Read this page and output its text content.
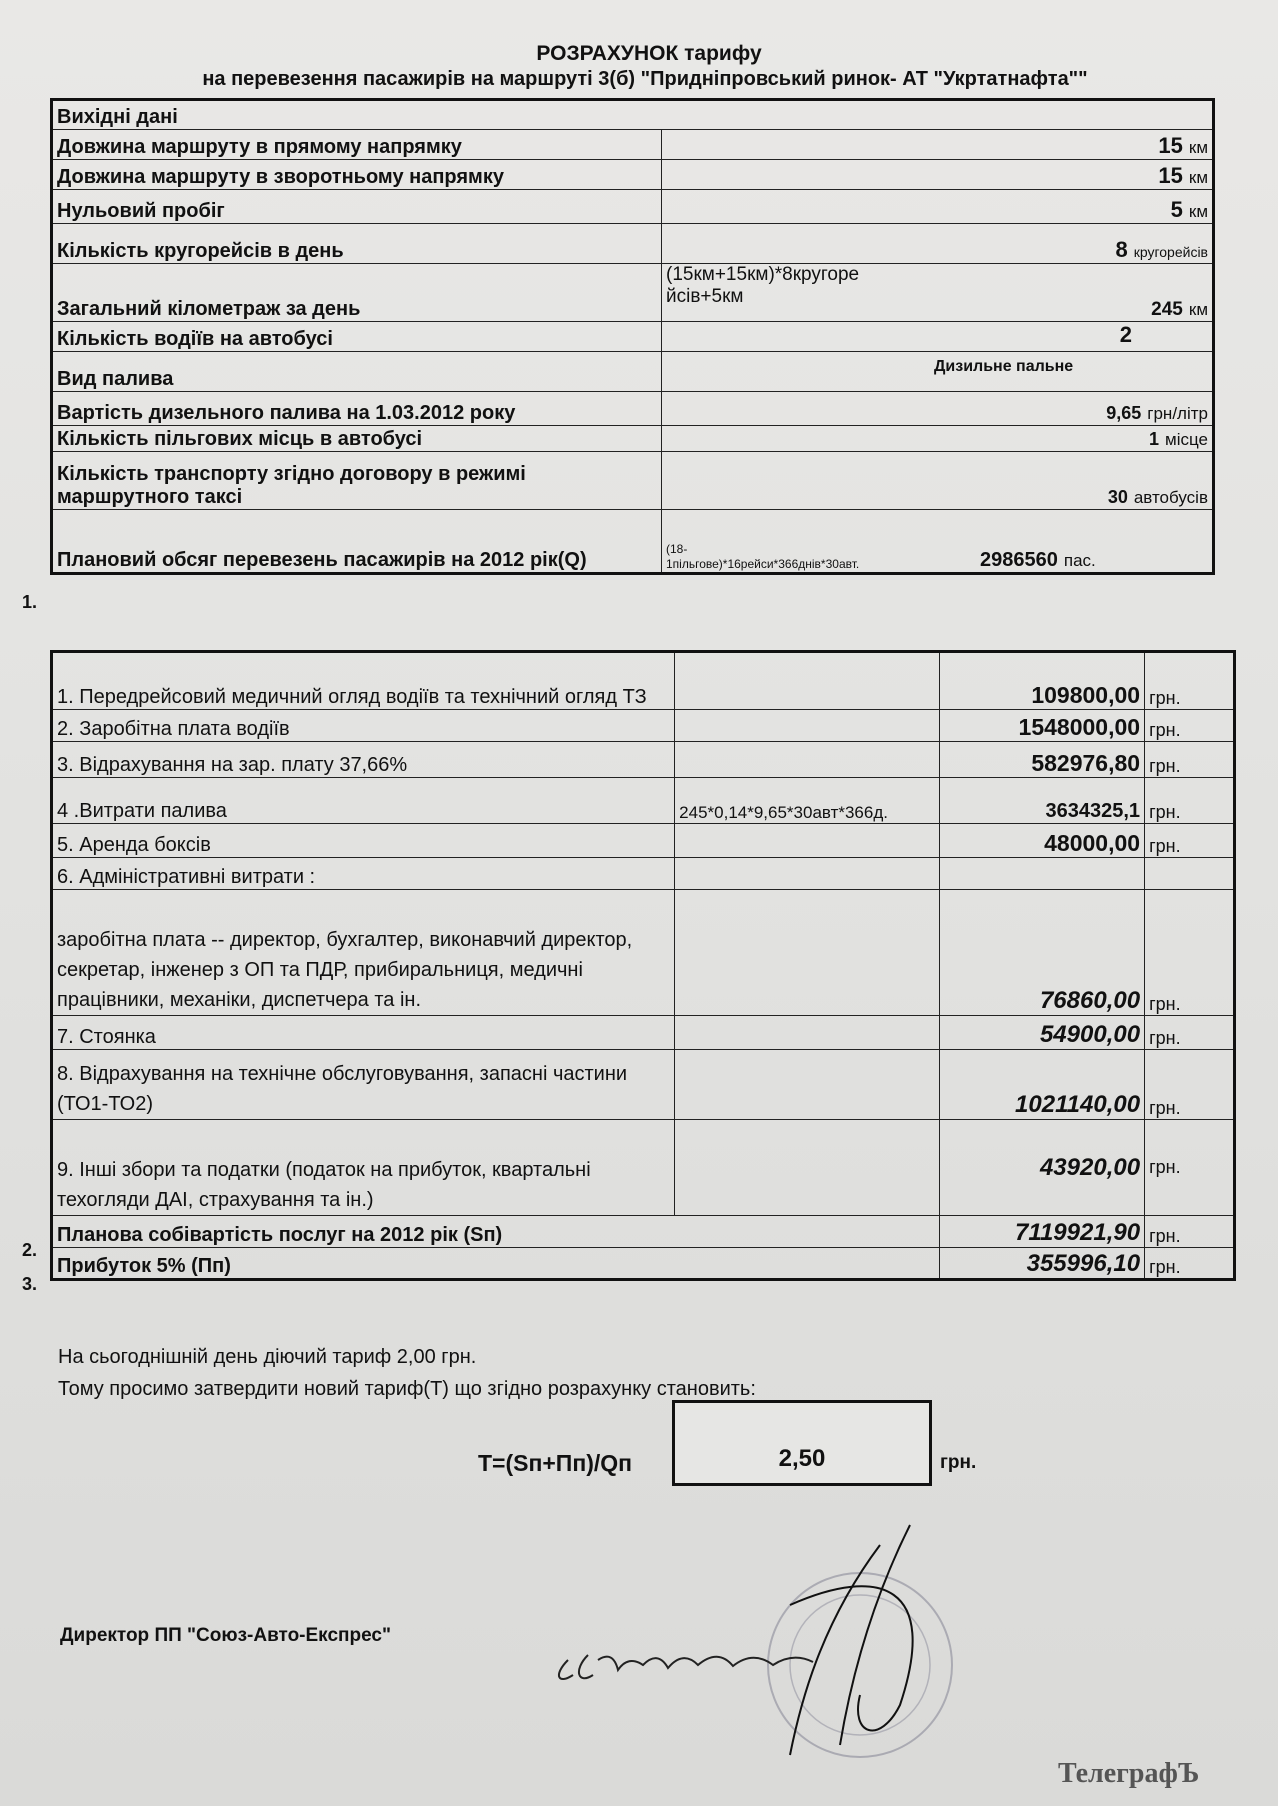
РОЗРАХУНОК тарифу
на перевезення пасажирів на маршруті 3(б) "Придніпровський ринок- АТ "Укртатнафта""
Вихідні дані		
Довжина маршруту в прямому напрямку		15 км
Довжина маршруту в зворотньому напрямку		15 км
Нульовий пробіг		5 км
Кількість кругорейсів в день		8 кругорейсів
Загальний кілометраж за день	(15км+15км)*8кругоре йсів+5км	245 км
Кількість водіїв на автобусі		2
Вид палива		Дизильне пальне
Вартість дизельного палива на 1.03.2012 року		9,65 грн/літр
Кількість пільгових місць в автобусі		1 місце
Кількість транспорту згідно договору в режимі маршрутного таксі		30 автобусів
Плановий обсяг перевезень пасажирів на 2012 рік(Q)	(18-
1пільгове)*16рейси*366днів*30авт.	2986560 пас.
1.
1. Передрейсовий медичний огляд водіїв та технічний огляд ТЗ		109800,00	грн.
2. Заробітна плата водіїв		1548000,00	грн.
3. Відрахування на зар. плату 37,66%		582976,80	грн.
4 .Витрати палива	245*0,14*9,65*30авт*366д.	3634325,1	грн.
5. Аренда боксів		48000,00	грн.
6. Адміністративні витрати :			
заробітна плата -- директор, бухгалтер, виконавчий директор, секретар, інженер з ОП та ПДР, прибиральниця, медичні працівники, механіки, диспетчера та ін.		76860,00	грн.
7. Стоянка		54900,00	грн.
8. Відрахування на технічне обслуговування, запасні частини (ТО1-ТО2)		1021140,00	грн.
9. Інші збори та податки (податок на прибуток, квартальні техогляди ДАІ, страхування та ін.)		43920,00	грн.
Планова собівартість послуг на 2012 рік (Sп)		7119921,90	грн.
Прибуток 5% (Пп)		355996,10	грн.
2.
3.
На сьогоднішній день діючий тариф 2,00 грн.
Тому просимо затвердити новий тариф(Т) що згідно розрахунку становить:
T=(Sп+Пп)/Qп	2,50	грн.
Директор ПП "Союз-Авто-Експрес"
ТелеграфЪ
